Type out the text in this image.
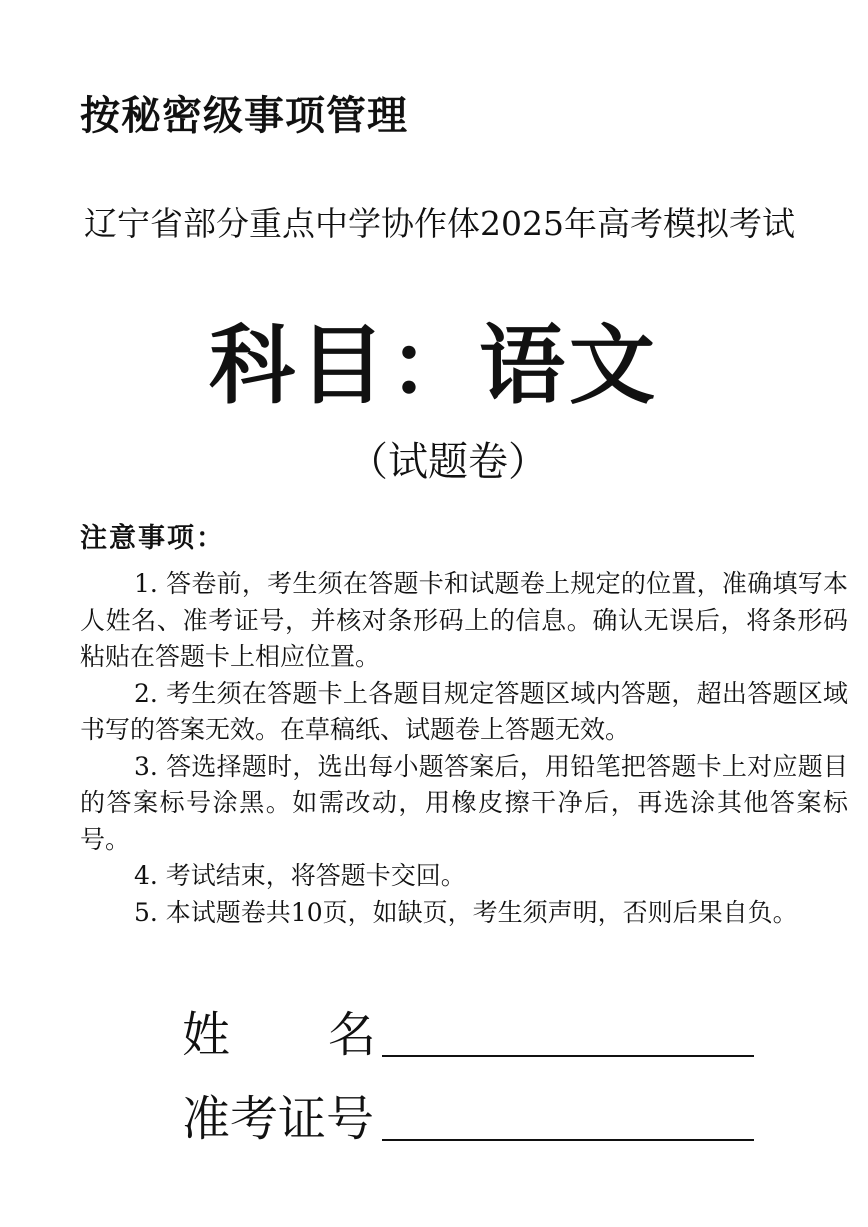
按秘密级事项管理
辽宁省部分重点中学协作体2025年高考模拟考试
科目：语文
（试题卷）
注意事项：
1. 答卷前，考生须在答题卡和试题卷上规定的位置，准确填写本人姓名、准考证号，并核对条形码上的信息。确认无误后，将条形码粘贴在答题卡上相应位置。
2. 考生须在答题卡上各题目规定答题区域内答题，超出答题区域书写的答案无效。在草稿纸、试题卷上答题无效。
3. 答选择题时，选出每小题答案后，用铅笔把答题卡上对应题目的答案标号涂黑。如需改动，用橡皮擦干净后，再选涂其他答案标号。
4. 考试结束，将答题卡交回。
5. 本试题卷共10页，如缺页，考生须声明，否则后果自负。
姓名
准考证号
